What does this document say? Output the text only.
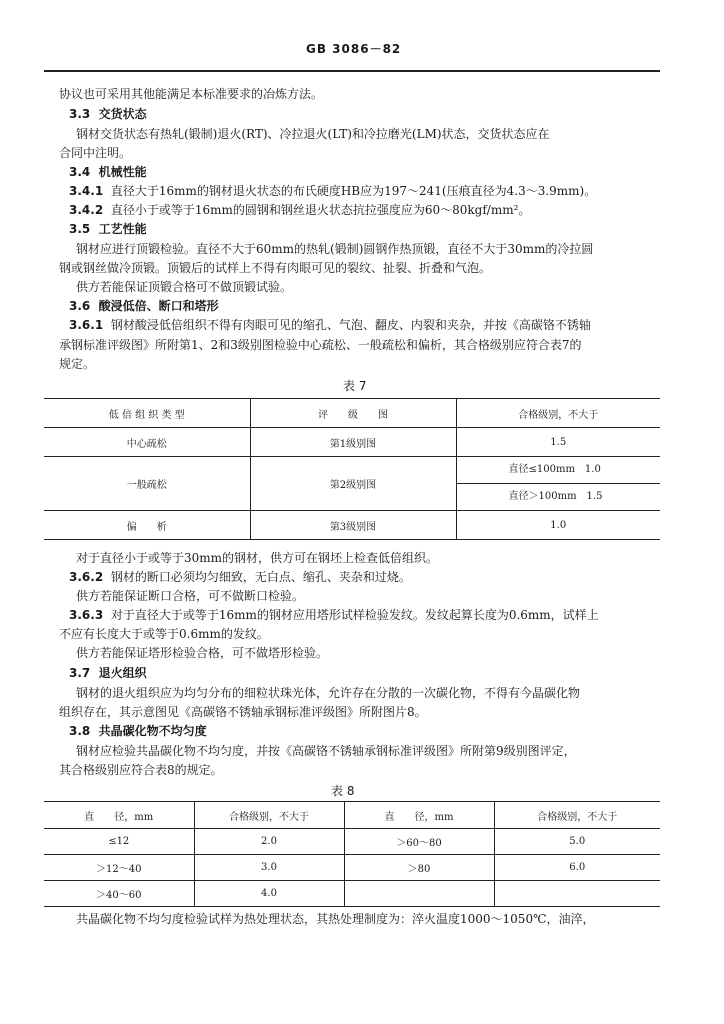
GB 3086－82
协议也可采用其他能满足本标准要求的冶炼方法。
3.3 交货状态
钢材交货状态有热轧(锻制)退火(RT)、冷拉退火(LT)和冷拉磨光(LM)状态，交货状态应在
合同中注明。
3.4 机械性能
3.4.1 直径大于16mm的钢材退火状态的布氏硬度HB应为197～241(压痕直径为4.3～3.9mm)。
3.4.2 直径小于或等于16mm的圆钢和钢丝退火状态抗拉强度应为60～80kgf/mm²。
3.5 工艺性能
钢材应进行顶锻检验。直径不大于60mm的热轧(锻制)圆钢作热顶锻，直径不大于30mm的冷拉圆
钢或钢丝做冷顶锻。顶锻后的试样上不得有肉眼可见的裂纹、扯裂、折叠和气泡。
供方若能保证顶锻合格可不做顶锻试验。
3.6 酸浸低倍、断口和塔形
3.6.1 钢材酸浸低倍组织不得有肉眼可见的缩孔、气泡、翻皮、内裂和夹杂，并按《高碳铬不锈轴
承钢标准评级图》所附第1、2和3级别图检验中心疏松、一般疏松和偏析，其合格级别应符合表7的
规定。
表 7
低 倍 组 织 类 型	评　　级　　图	合格级别，不大于
中心疏松	第1级别图	1.5
一般疏松	第2级别图	直径≤100mm　1.0
直径＞100mm　1.5

偏　　析	第3级别图	1.0
对于直径小于或等于30mm的钢材，供方可在钢坯上检查低倍组织。
3.6.2 钢材的断口必须均匀细致，无白点、缩孔、夹杂和过烧。
供方若能保证断口合格，可不做断口检验。
3.6.3 对于直径大于或等于16mm的钢材应用塔形试样检验发纹。发纹起算长度为0.6mm，试样上
不应有长度大于或等于0.6mm的发纹。
供方若能保证塔形检验合格，可不做塔形检验。
3.7 退火组织
钢材的退火组织应为均匀分布的细粒状珠光体，允许存在分散的一次碳化物，不得有今晶碳化物
组织存在，其示意图见《高碳铬不锈轴承钢标准评级图》所附图片8。
3.8 共晶碳化物不均匀度
钢材应检验共晶碳化物不均匀度，并按《高碳铬不锈轴承钢标准评级图》所附第9级别图评定，
其合格级别应符合表8的规定。
表 8
直　　径，mm	合格级别，不大于	直　　径，mm	合格级别，不大于
≤12	2.0	＞60～80	5.0
＞12～40	3.0	＞80	6.0
＞40～60	4.0		
共晶碳化物不均匀度检验试样为热处理状态，其热处理制度为：淬火温度1000～1050℃，油淬，
